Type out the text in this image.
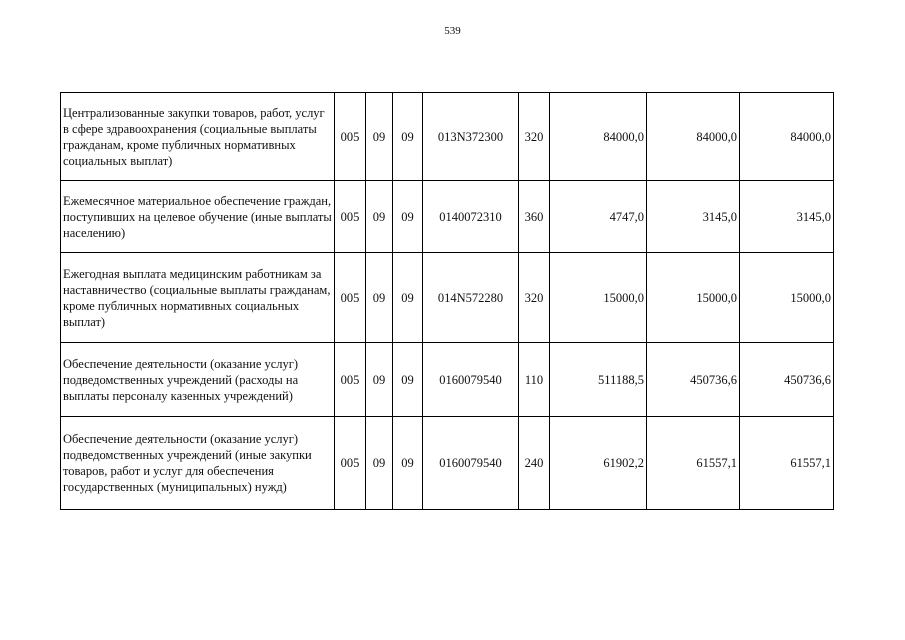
539
Централизованные закупки товаров, работ, услуг в сфере здравоохранения (социальные выплаты гражданам, кроме публичных нормативных социальных выплат)	005	09	09	013N372300	320	84000,0	84000,0	84000,0
Ежемесячное материальное обеспечение граждан, поступивших на целевое обучение (иные выплаты населению)	005	09	09	0140072310	360	4747,0	3145,0	3145,0
Ежегодная выплата медицинским работникам за наставничество (социальные выплаты гражданам, кроме публичных нормативных социальных выплат)	005	09	09	014N572280	320	15000,0	15000,0	15000,0
Обеспечение деятельности (оказание услуг) подведомственных учреждений (расходы на выплаты персоналу казенных учреждений)	005	09	09	0160079540	110	511188,5	450736,6	450736,6
Обеспечение деятельности (оказание услуг) подведомственных учреждений (иные закупки товаров, работ и услуг для обеспечения государственных (муниципальных) нужд)	005	09	09	0160079540	240	61902,2	61557,1	61557,1
